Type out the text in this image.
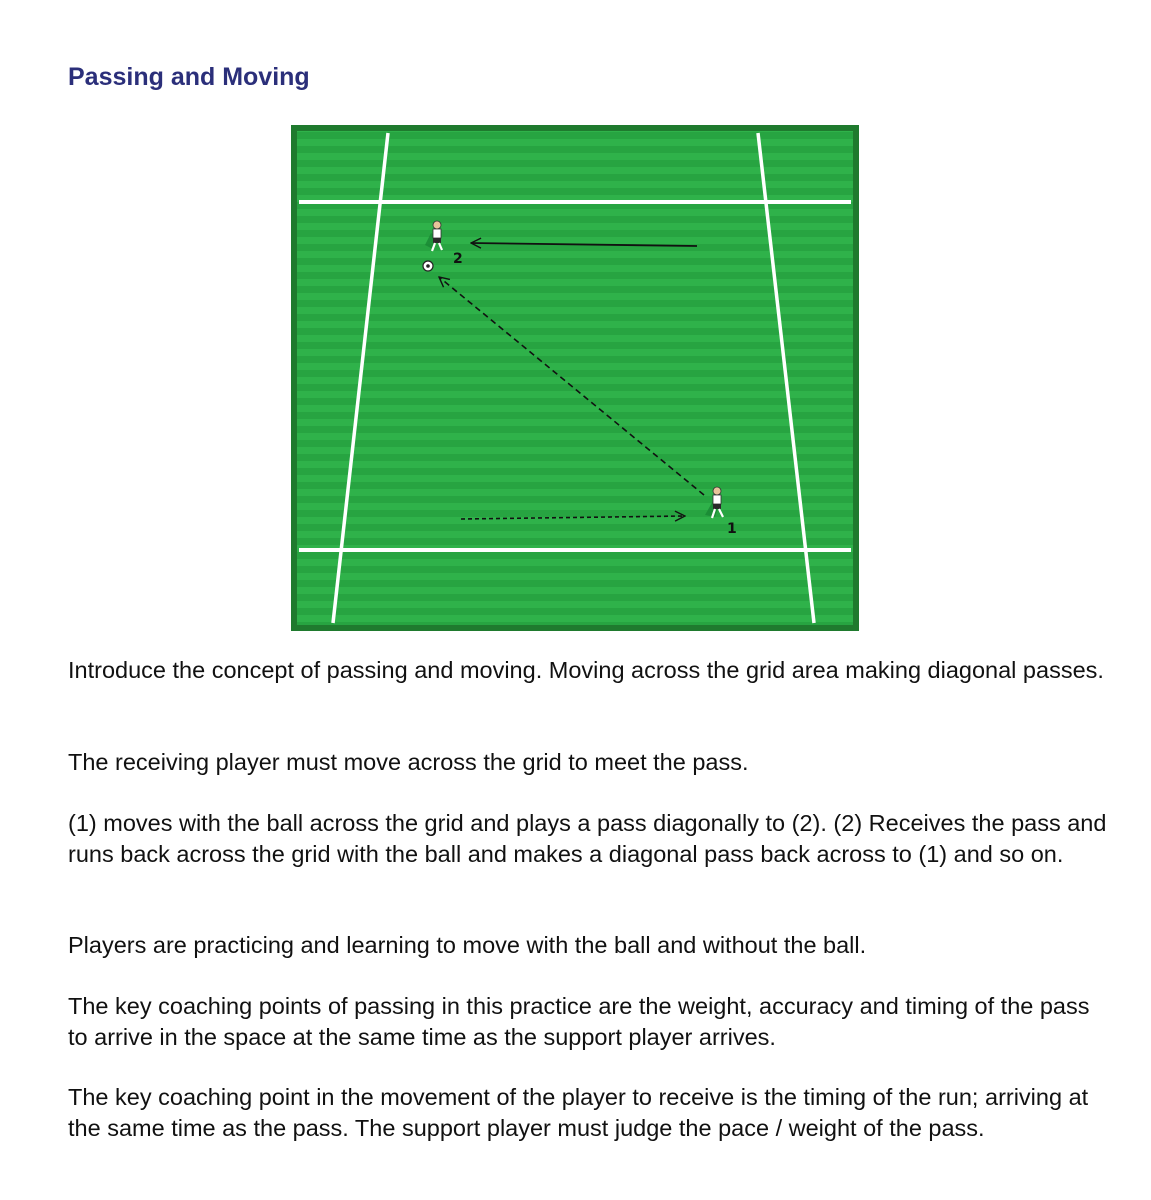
Passing and Moving
2
1

Introduce the concept of passing and moving. Moving across the grid area making diagonal passes.

The receiving player must move across the grid to meet the pass.

(1) moves with the ball across the grid and plays a pass diagonally to (2). (2) Receives the pass and runs back across the grid with the ball and makes a diagonal pass back across to (1) and so on.

Players are practicing and learning to move with the ball and without the ball.

The key coaching points of passing in this practice are the weight, accuracy and timing of the pass to arrive in the space at the same time as the support player arrives.

The key coaching point in the movement of the player to receive is the timing of the run; arriving at the same time as the pass. The support player must judge the pace / weight of the pass.
